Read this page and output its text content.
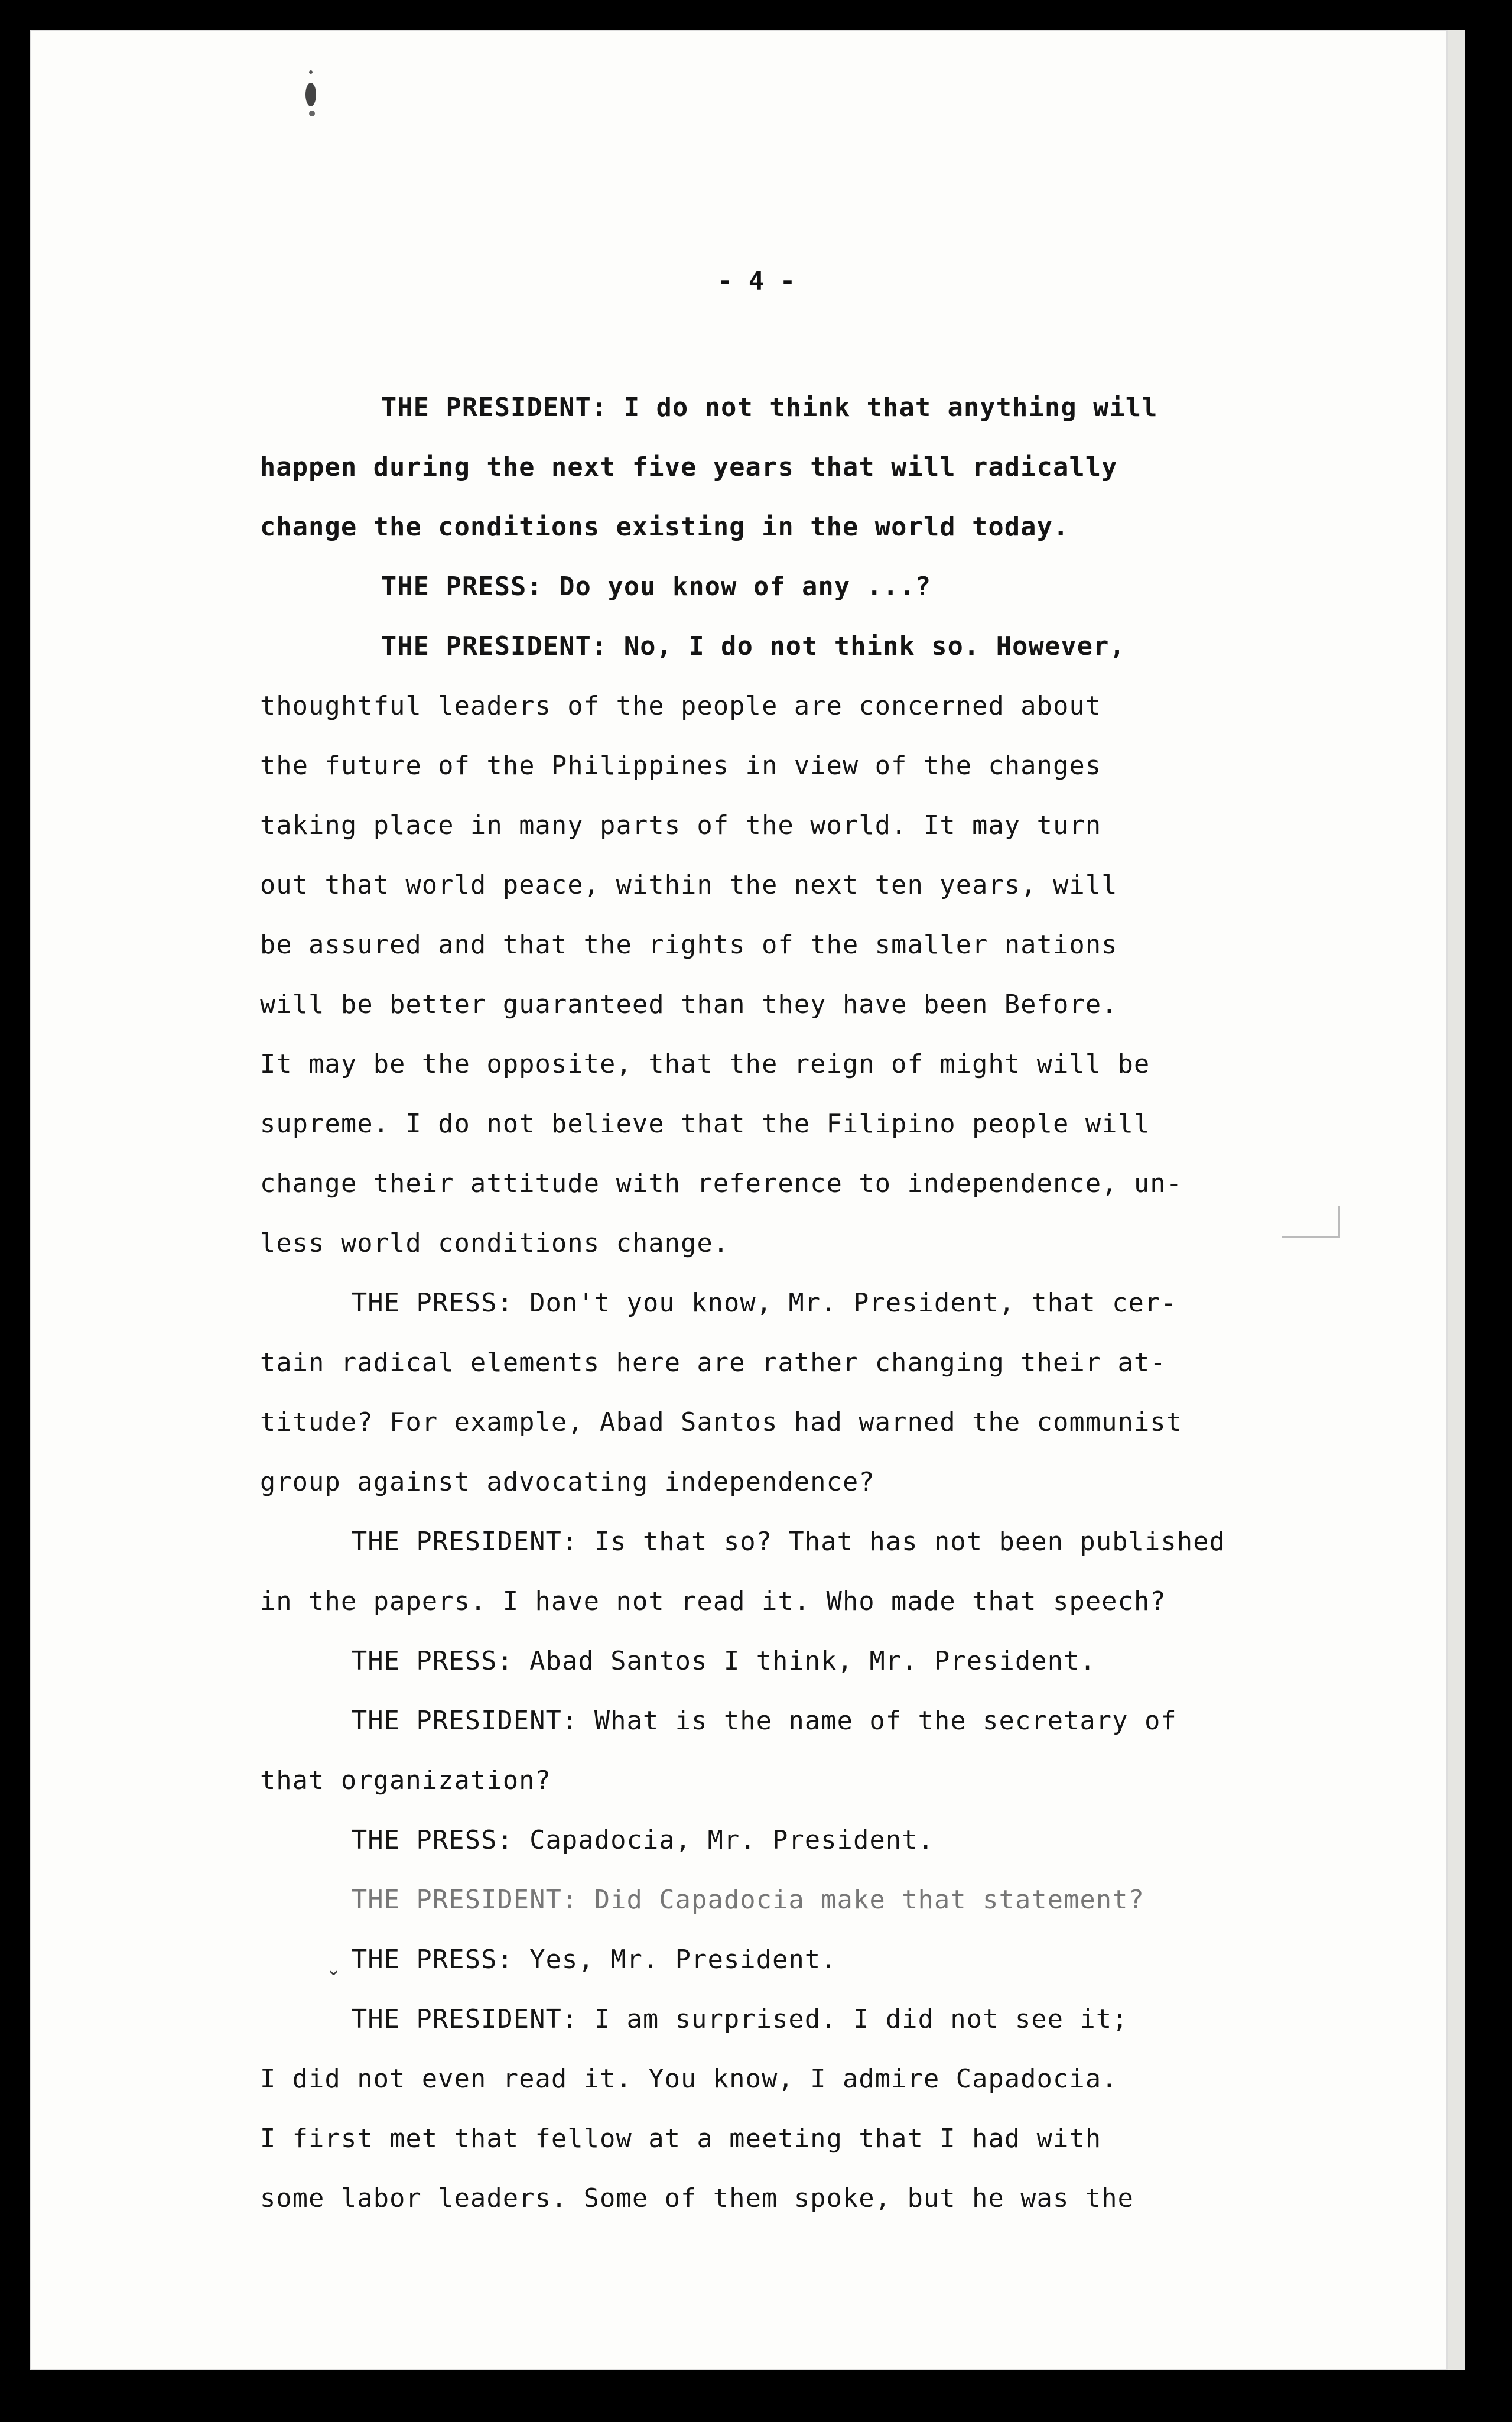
- 4 -
THE PRESIDENT: I do not think that anything will
happen during the next five years that will radically
change the conditions existing in the world today.
THE PRESS: Do you know of any ...?
THE PRESIDENT: No, I do not think so. However,
thoughtful leaders of the people are concerned about
the future of the Philippines in view of the changes
taking place in many parts of the world. It may turn
out that world peace, within the next ten years, will
be assured and that the rights of the smaller nations
will be better guaranteed than they have been Before.
It may be the opposite, that the reign of might will be
supreme. I do not believe that the Filipino people will
change their attitude with reference to independence, un-
less world conditions change.
THE PRESS: Don't you know, Mr. President, that cer-
tain radical elements here are rather changing their at-
titude? For example, Abad Santos had warned the communist
group against advocating independence?
THE PRESIDENT: Is that so? That has not been published
in the papers. I have not read it. Who made that speech?
THE PRESS: Abad Santos I think, Mr. President.
THE PRESIDENT: What is the name of the secretary of
that organization?
THE PRESS: Capadocia, Mr. President.
THE PRESIDENT: Did Capadocia make that statement?
THE PRESS: Yes, Mr. President.
THE PRESIDENT: I am surprised. I did not see it;
I did not even read it. You know, I admire Capadocia.
I first met that fellow at a meeting that I had with
some labor leaders. Some of them spoke, but he was the
⌄
